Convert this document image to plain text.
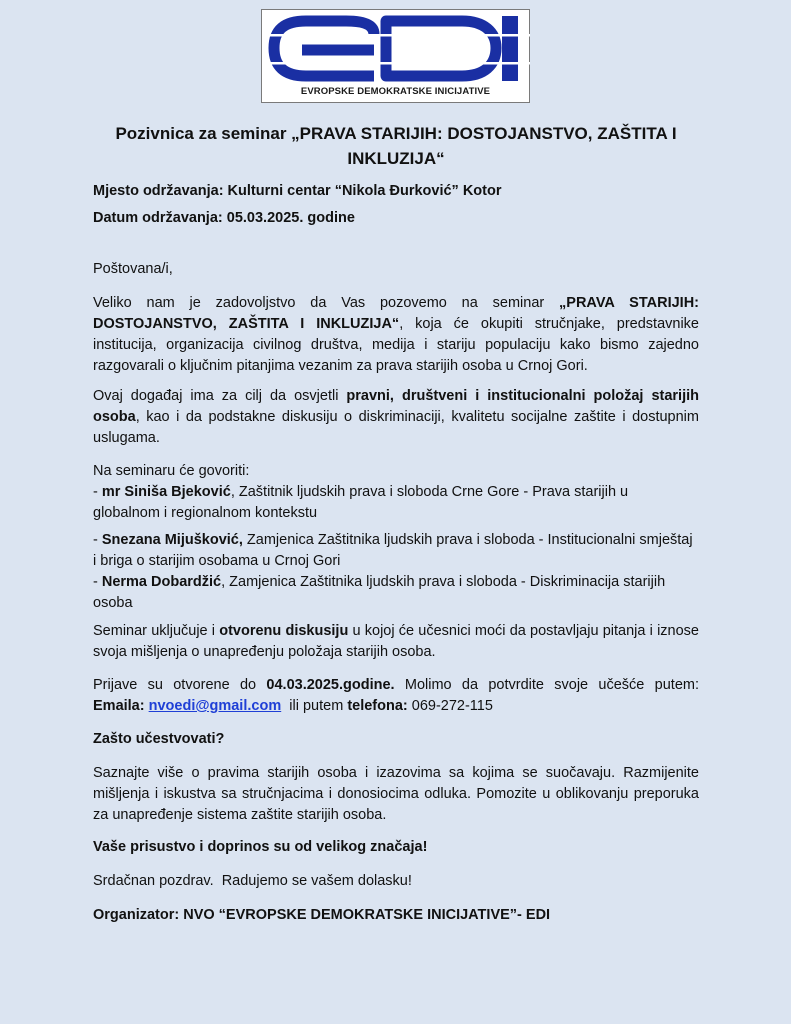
EVROPSKE DEMOKRATSKE INICIJATIVE
Pozivnica za seminar „PRAVA STARIJIH: DOSTOJANSTVO, ZAŠTITA I INKLUZIJA“
Mjesto održavanja: Kulturni centar “Nikola Đurković” Kotor
Datum održavanja: 05.03.2025. godine
Poštovana/i,

Veliko nam je zadovoljstvo da Vas pozovemo na seminar „PRAVA STARIJIH: DOSTOJANSTVO, ZAŠTITA I INKLUZIJA“, koja će okupiti stručnjake, predstavnike institucija, organizacija civilnog društva, medija i stariju populaciju kako bismo zajedno razgovarali o ključnim pitanjima vezanim za prava starijih osoba u Crnoj Gori.

Ovaj događaj ima za cilj da osvjetli pravni, društveni i institucionalni položaj starijih osoba, kao i da podstakne diskusiju o diskriminaciji, kvalitetu socijalne zaštite i dostupnim uslugama.

Na seminaru će govoriti:
- mr Siniša Bjeković, Zaštitnik ljudskih prava i sloboda Crne Gore - Prava starijih u globalnom i regionalnom kontekstu
- Snezana Mijušković, Zamjenica Zaštitnika ljudskih prava i sloboda - Institucionalni smještaj i briga o starijim osobama u Crnoj Gori
- Nerma Dobardžić, Zamjenica Zaštitnika ljudskih prava i sloboda - Diskriminacija starijih osoba

Seminar uključuje i otvorenu diskusiju u kojoj će učesnici moći da postavljaju pitanja i iznose svoja mišljenja o unapređenju položaja starijih osoba.

Prijave su otvorene do 04.03.2025.godine. Molimo da potvrdite svoje učešće putem:
Emaila: nvoedi@gmail.com  ili putem telefona: 069-272-115

Zašto učestvovati?

Saznajte više o pravima starijih osoba i izazovima sa kojima se suočavaju. Razmijenite mišljenja i iskustva sa stručnjacima i donosiocima odluka. Pomozite u oblikovanju preporuka za unapređenje sistema zaštite starijih osoba.

Vaše prisustvo i doprinos su od velikog značaja!
Srdačnan pozdrav.  Radujemo se vašem dolasku!
Organizator: NVO “EVROPSKE DEMOKRATSKE INICIJATIVE”- EDI
